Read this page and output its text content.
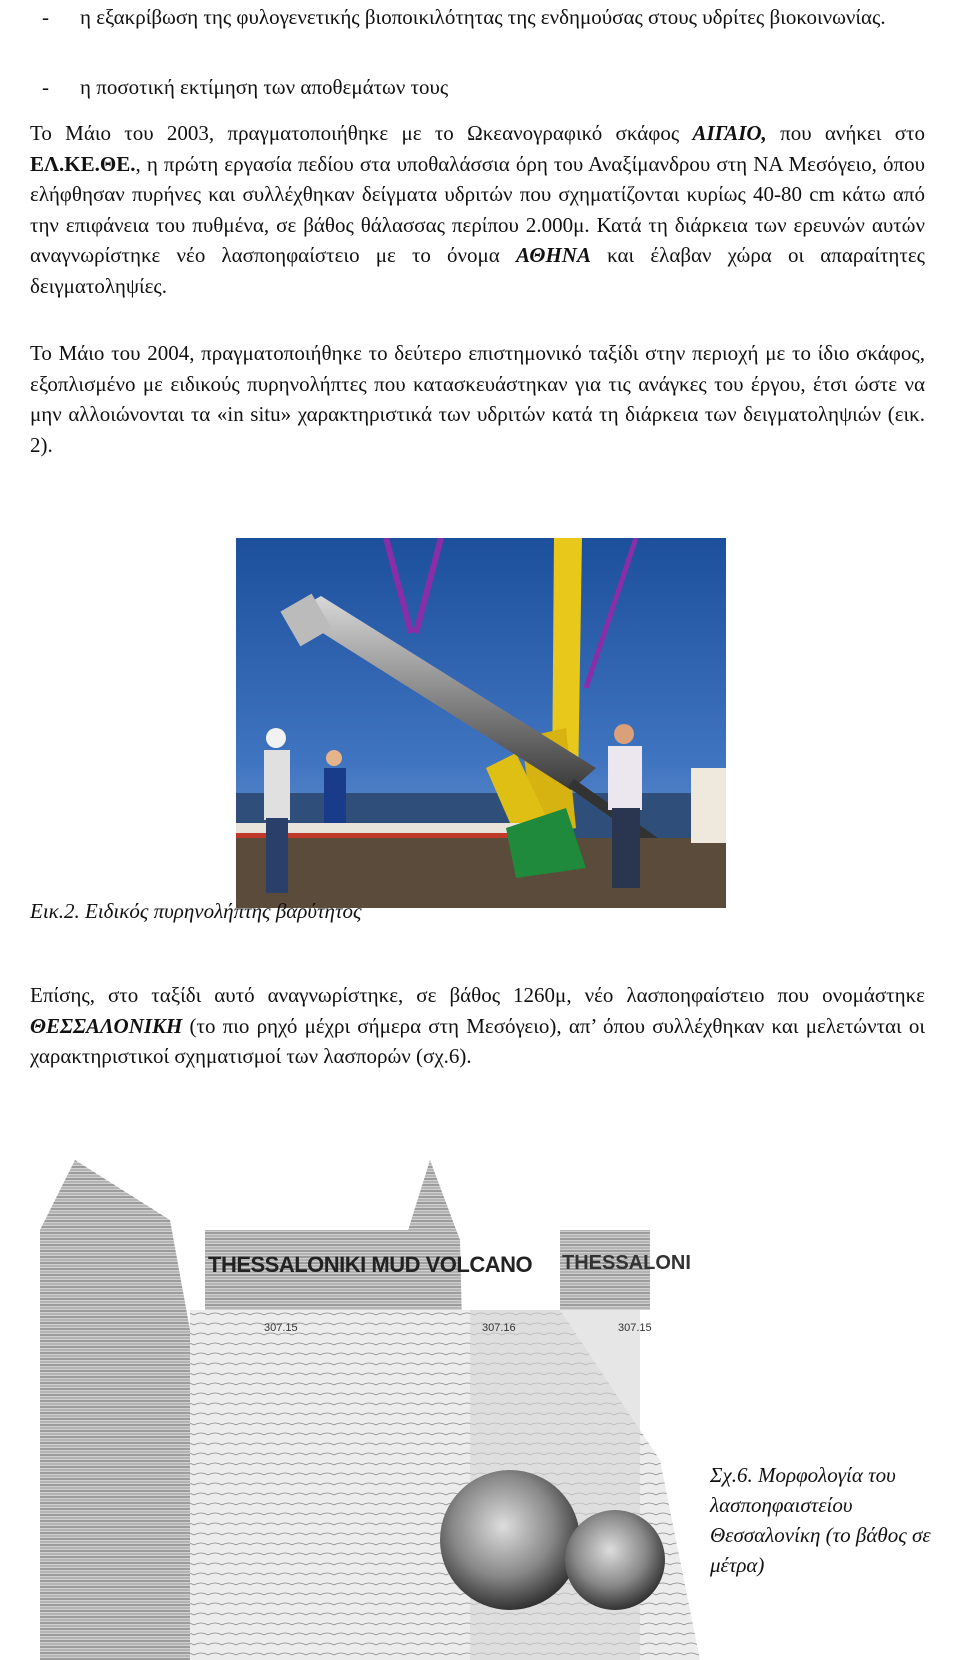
- η εξακρίβωση της φυλογενετικής βιοποικιλότητας της ενδημούσας στους υδρίτες βιοκοινωνίας.
- η ποσοτική εκτίμηση των αποθεμάτων τους
Το Μάιο του 2003, πραγματοποιήθηκε με το Ωκεανογραφικό σκάφος ΑΙΓΑΙΟ, που ανήκει στο ΕΛ.ΚΕ.ΘΕ., η πρώτη εργασία πεδίου στα υποθαλάσσια όρη του Αναξίμανδρου στη ΝΑ Μεσόγειο, όπου ελήφθησαν πυρήνες και συλλέχθηκαν δείγματα υδριτών που σχηματίζονται κυρίως 40-80 cm κάτω από την επιφάνεια του πυθμένα, σε βάθος θάλασσας περίπου 2.000μ. Κατά τη διάρκεια των ερευνών αυτών αναγνωρίστηκε νέο λασποηφαίστειο με το όνομα ΑΘΗΝΑ και έλαβαν χώρα οι απαραίτητες δειγματοληψίες.
Το Μάιο του 2004, πραγματοποιήθηκε το δεύτερο επιστημονικό ταξίδι στην περιοχή με το ίδιο σκάφος, εξοπλισμένο με ειδικούς πυρηνολήπτες που κατασκευάστηκαν για τις ανάγκες του έργου, έτσι ώστε να μην αλλοιώνονται τα «in situ» χαρακτηριστικά των υδριτών κατά τη διάρκεια των δειγματοληψιών (εικ. 2).
Εικ.2. Ειδικός πυρηνολήπτης βαρύτητος
Επίσης, στο ταξίδι αυτό αναγνωρίστηκε, σε βάθος 1260μ, νέο λασποηφαίστειο που ονομάστηκε ΘΕΣΣΑΛΟΝΙΚΗ (το πιο ρηχό μέχρι σήμερα στη Μεσόγειο), απ’ όπου συλλέχθηκαν και μελετώνται οι χαρακτηριστικοί σχηματισμοί των λασπορών (σχ.6).
THESSALONIKI MUD VOLCANO THESSALONI
307.15	307.16	307.15
Σχ.6. Μορφολογία του λασποηφαιστείου Θεσσαλονίκη (το βάθος σε μέτρα)
